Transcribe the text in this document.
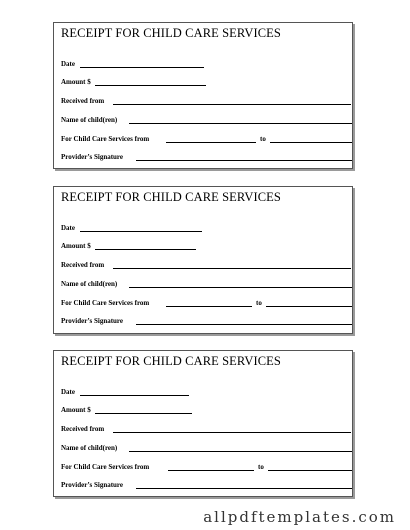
RECEIPT FOR CHILD CARE SERVICES
Date
Amount $
Received from
Name of child(ren)
For Child Care Services from	to
Provider’s Signature
RECEIPT FOR CHILD CARE SERVICES
Date
Amount $
Received from
Name of child(ren)
For Child Care Services from	to
Provider’s Signature
RECEIPT FOR CHILD CARE SERVICES
Date
Amount $
Received from
Name of child(ren)
For Child Care Services from	to
Provider’s Signature
allpdftemplates.com
